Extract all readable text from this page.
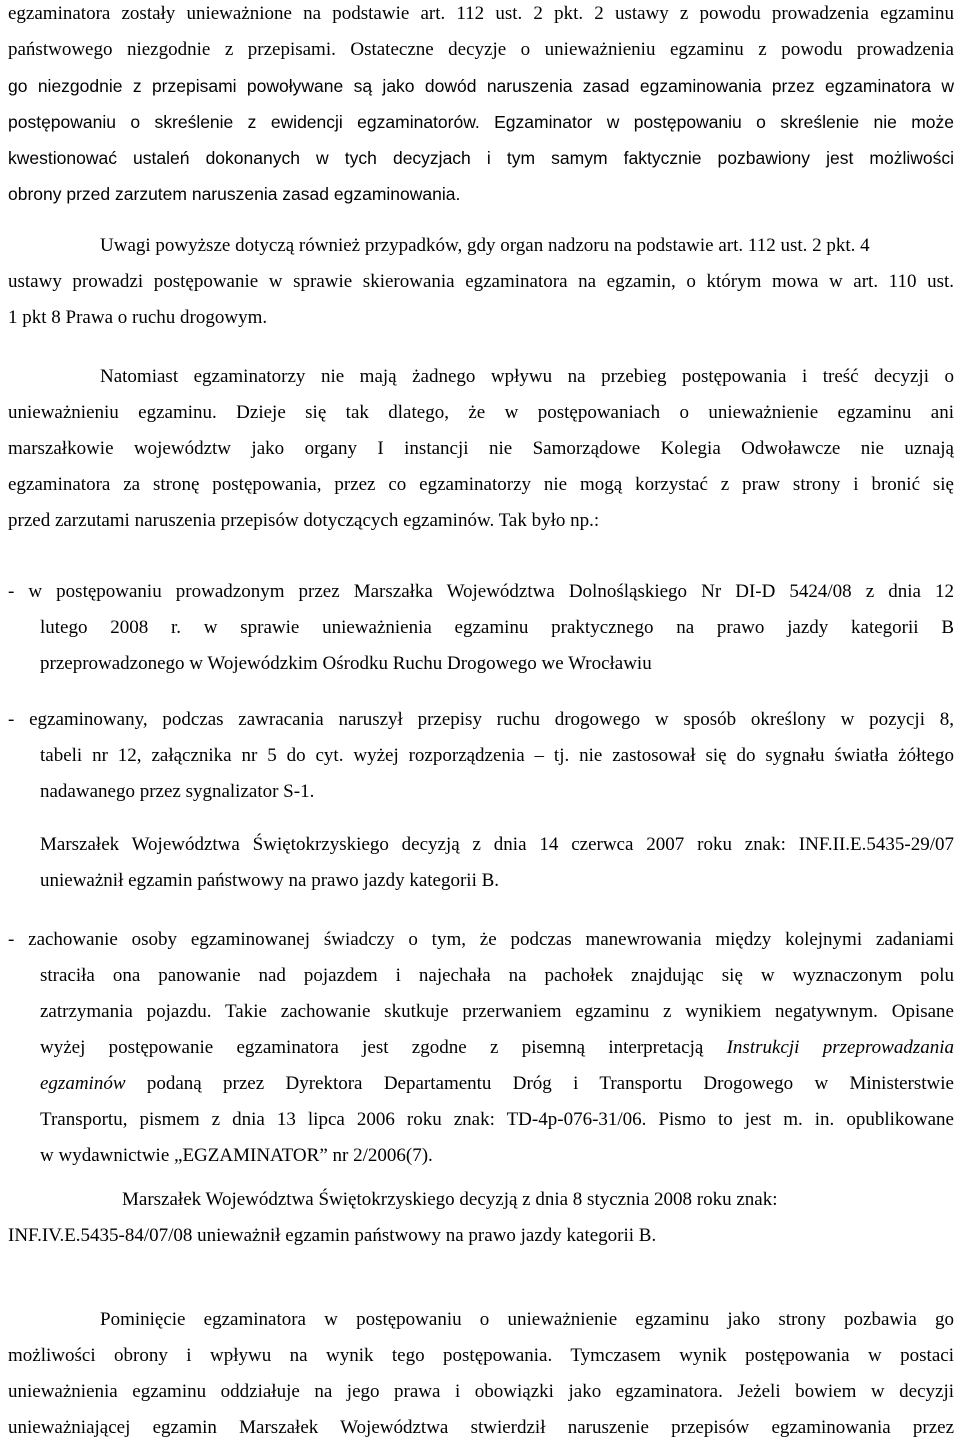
egzaminatora zostały unieważnione na podstawie art. 112 ust. 2 pkt. 2 ustawy z powodu prowadzenia egzaminu
państwowego niezgodnie z przepisami. Ostateczne decyzje o unieważnieniu egzaminu z powodu prowadzenia
go niezgodnie z przepisami powoływane są jako dowód naruszenia zasad egzaminowania przez egzaminatora w
postępowaniu o skreślenie z ewidencji egzaminatorów. Egzaminator w postępowaniu o skreślenie nie może
kwestionować ustaleń dokonanych w tych decyzjach i tym samym faktycznie pozbawiony jest możliwości
obrony przed zarzutem naruszenia zasad egzaminowania.
Uwagi powyższe dotyczą również przypadków, gdy organ nadzoru na podstawie art. 112 ust. 2 pkt. 4
ustawy prowadzi postępowanie w sprawie skierowania egzaminatora na egzamin, o którym mowa w art. 110 ust.
1 pkt 8 Prawa o ruchu drogowym.
Natomiast egzaminatorzy nie mają żadnego wpływu na przebieg postępowania i treść decyzji o
unieważnieniu egzaminu. Dzieje się tak dlatego, że w postępowaniach o unieważnienie egzaminu ani
marszałkowie województw jako organy I instancji nie Samorządowe Kolegia Odwoławcze nie uznają
egzaminatora za stronę postępowania, przez co egzaminatorzy nie mogą korzystać z praw strony i bronić się
przed zarzutami naruszenia przepisów dotyczących egzaminów. Tak było np.:
- w postępowaniu prowadzonym przez Marszałka Województwa Dolnośląskiego Nr DI-D 5424/08 z dnia 12
lutego 2008 r. w sprawie unieważnienia egzaminu praktycznego na prawo jazdy kategorii B
przeprowadzonego w Wojewódzkim Ośrodku Ruchu Drogowego we Wrocławiu
- egzaminowany, podczas zawracania naruszył przepisy ruchu drogowego w sposób określony w pozycji 8,
tabeli nr 12, załącznika nr 5 do cyt. wyżej rozporządzenia – tj. nie zastosował się do sygnału światła żółtego
nadawanego przez sygnalizator S-1.
Marszałek Województwa Świętokrzyskiego decyzją z dnia 14 czerwca 2007 roku znak: INF.II.E.5435-29/07
unieważnił egzamin państwowy na prawo jazdy kategorii B.
- zachowanie osoby egzaminowanej świadczy o tym, że podczas manewrowania między kolejnymi zadaniami
straciła ona panowanie nad pojazdem i najechała na pachołek znajdując się w wyznaczonym polu
zatrzymania pojazdu. Takie zachowanie skutkuje przerwaniem egzaminu z wynikiem negatywnym. Opisane
wyżej postępowanie egzaminatora jest zgodne z pisemną interpretacją Instrukcji przeprowadzania
egzaminów podaną przez Dyrektora Departamentu Dróg i Transportu Drogowego w Ministerstwie
Transportu, pismem z dnia 13 lipca 2006 roku znak: TD-4p-076-31/06. Pismo to jest m. in. opublikowane
w wydawnictwie „EGZAMINATOR” nr 2/2006(7).
Marszałek Województwa Świętokrzyskiego decyzją z dnia 8 stycznia 2008 roku znak:
INF.IV.E.5435-84/07/08 unieważnił egzamin państwowy na prawo jazdy kategorii B.
Pominięcie egzaminatora w postępowaniu o unieważnienie egzaminu jako strony pozbawia go
możliwości obrony i wpływu na wynik tego postępowania. Tymczasem wynik postępowania w postaci
unieważnienia egzaminu oddziałuje na jego prawa i obowiązki jako egzaminatora. Jeżeli bowiem w decyzji
unieważniającej egzamin Marszałek Województwa stwierdził naruszenie przepisów egzaminowania przez
